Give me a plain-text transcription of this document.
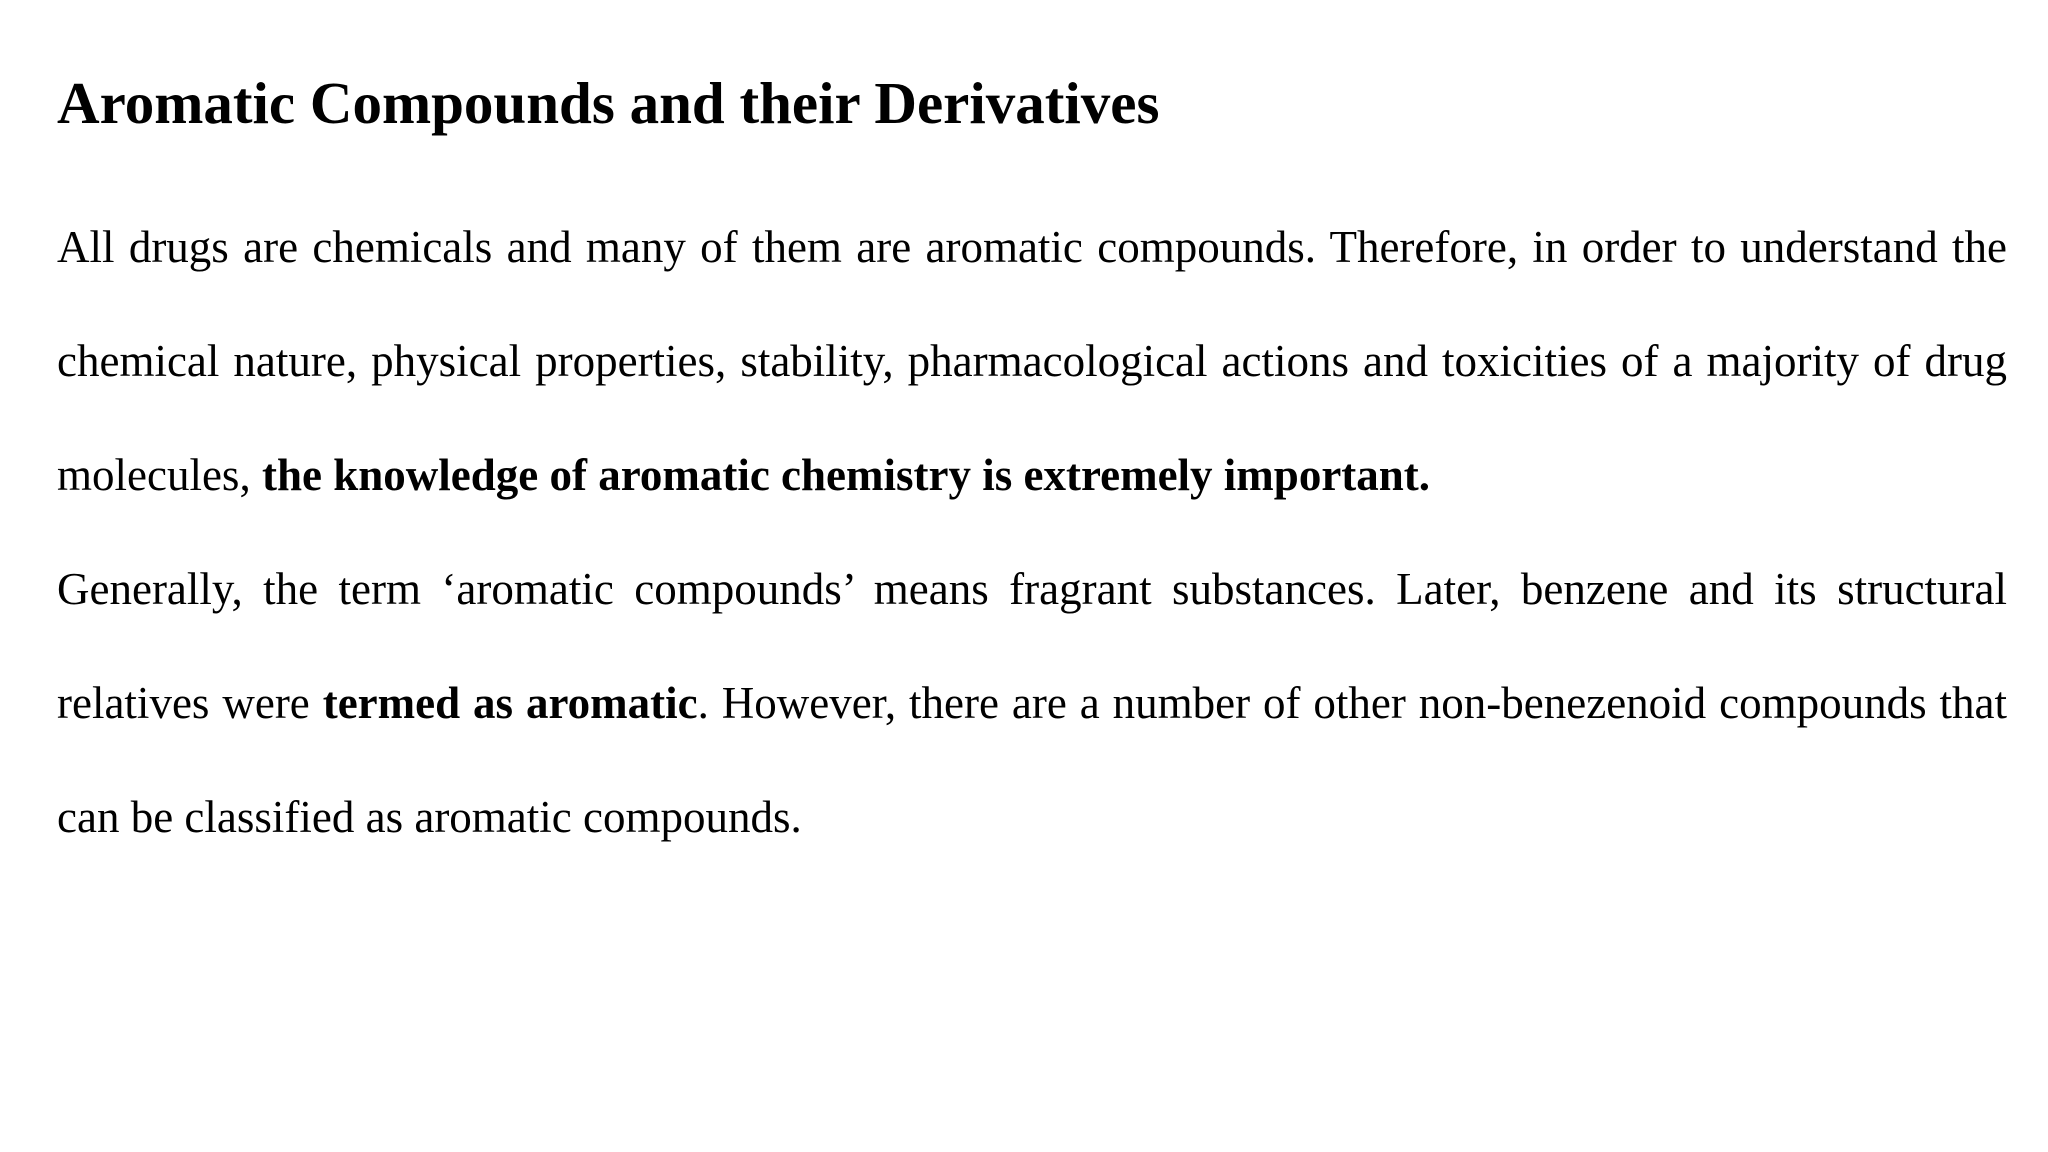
Aromatic Compounds and their Derivatives

All drugs are chemicals and many of them are aromatic compounds. Therefore, in order to understand the chemical nature, physical properties, stability, pharmacological actions and toxicities of a majority of drug molecules, the knowledge of aromatic chemistry is extremely important.

Generally, the term ‘aromatic compounds’ means fragrant substances. Later, benzene and its structural relatives were termed as aromatic. However, there are a number of other non-benezenoid compounds that can be classified as aromatic compounds.
